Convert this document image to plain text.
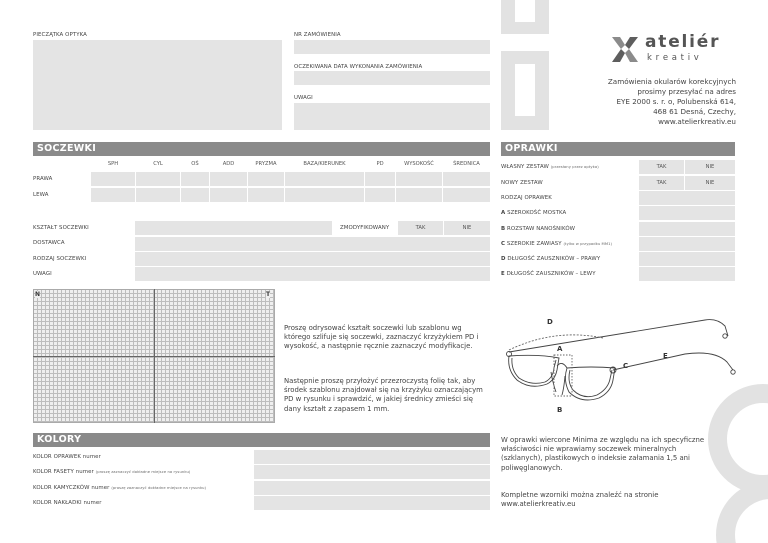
PIECZĄTKA OPTYKA	NR ZAMÓWIENIA
OCZEKIWANA DATA WYKONANIA ZAMÓWIENIA
UWAGI
ateliér
k r e a t i v
Zamówienia okularów korekcyjnych
prosimy przesyłać na adres
EYE 2000 s. r. o, Polubenská 614,
468 61 Desná, Czechy,
www.atelierkreativ.eu
SOCZEWKI
SPH	CYL	OŚ	ADD	PRYZMA	BAZA/KIERUNEK	PD	WYSOKOŚĆ	ŚREDNICA
PRAWA
LEWA
KSZTAŁT SOCZEWKI	ZMODYFIKOWANY	TAK	NIE
DOSTAWCA
RODZAJ SOCZEWKI
UWAGI
N	T
Proszę odrysować kształt soczewki lub szablonu wg którego szlifuje się soczewki, zaznaczyć krzyżykiem PD i wysokość, a następnie ręcznie zaznaczyć modyfikacje.
Następnie proszę przyłożyć przezroczystą folię tak, aby środek szablonu znajdował się na krzyżyku oznaczającym PD w rysunku i sprawdzić, w jakiej średnicy zmieści się dany kształt z zapasem 1 mm.
KOLORY
KOLOR OPRAWEK numer
KOLOR FASETY numer (proszę zaznaczyć dokładne miejsce na rysunku)
KOLOR KAMYCZKÓW numer (proszę zaznaczyć dokładne miejsce na rysunku)
KOLOR NAKŁADKI numer
OPRAWKI
WŁASNY ZESTAW (przesłany przez optyka)	TAK	NIE
NOWY ZESTAW	TAK	NIE
RODZAJ OPRAWEK
A SZEROKOŚĆ MOSTKA
B ROZSTAW NANOŚNIKÓW
C SZEROKIE ZAWIASY (tylko w przypadku MM1)
D DŁUGOŚĆ ZAUSZNIKÓW – PRAWY
E DŁUGOŚĆ ZAUSZNIKÓW – LEWY
D
A
E
C
B
W oprawki wiercone Minima ze względu na ich specyficzne właściwości nie wprawiamy soczewek mineralnych (szklanych), plastikowych o indeksie załamania 1,5 ani poliwęglanowych.
Kompletne wzorniki można znaleźć na stronie www.atelierkreativ.eu
